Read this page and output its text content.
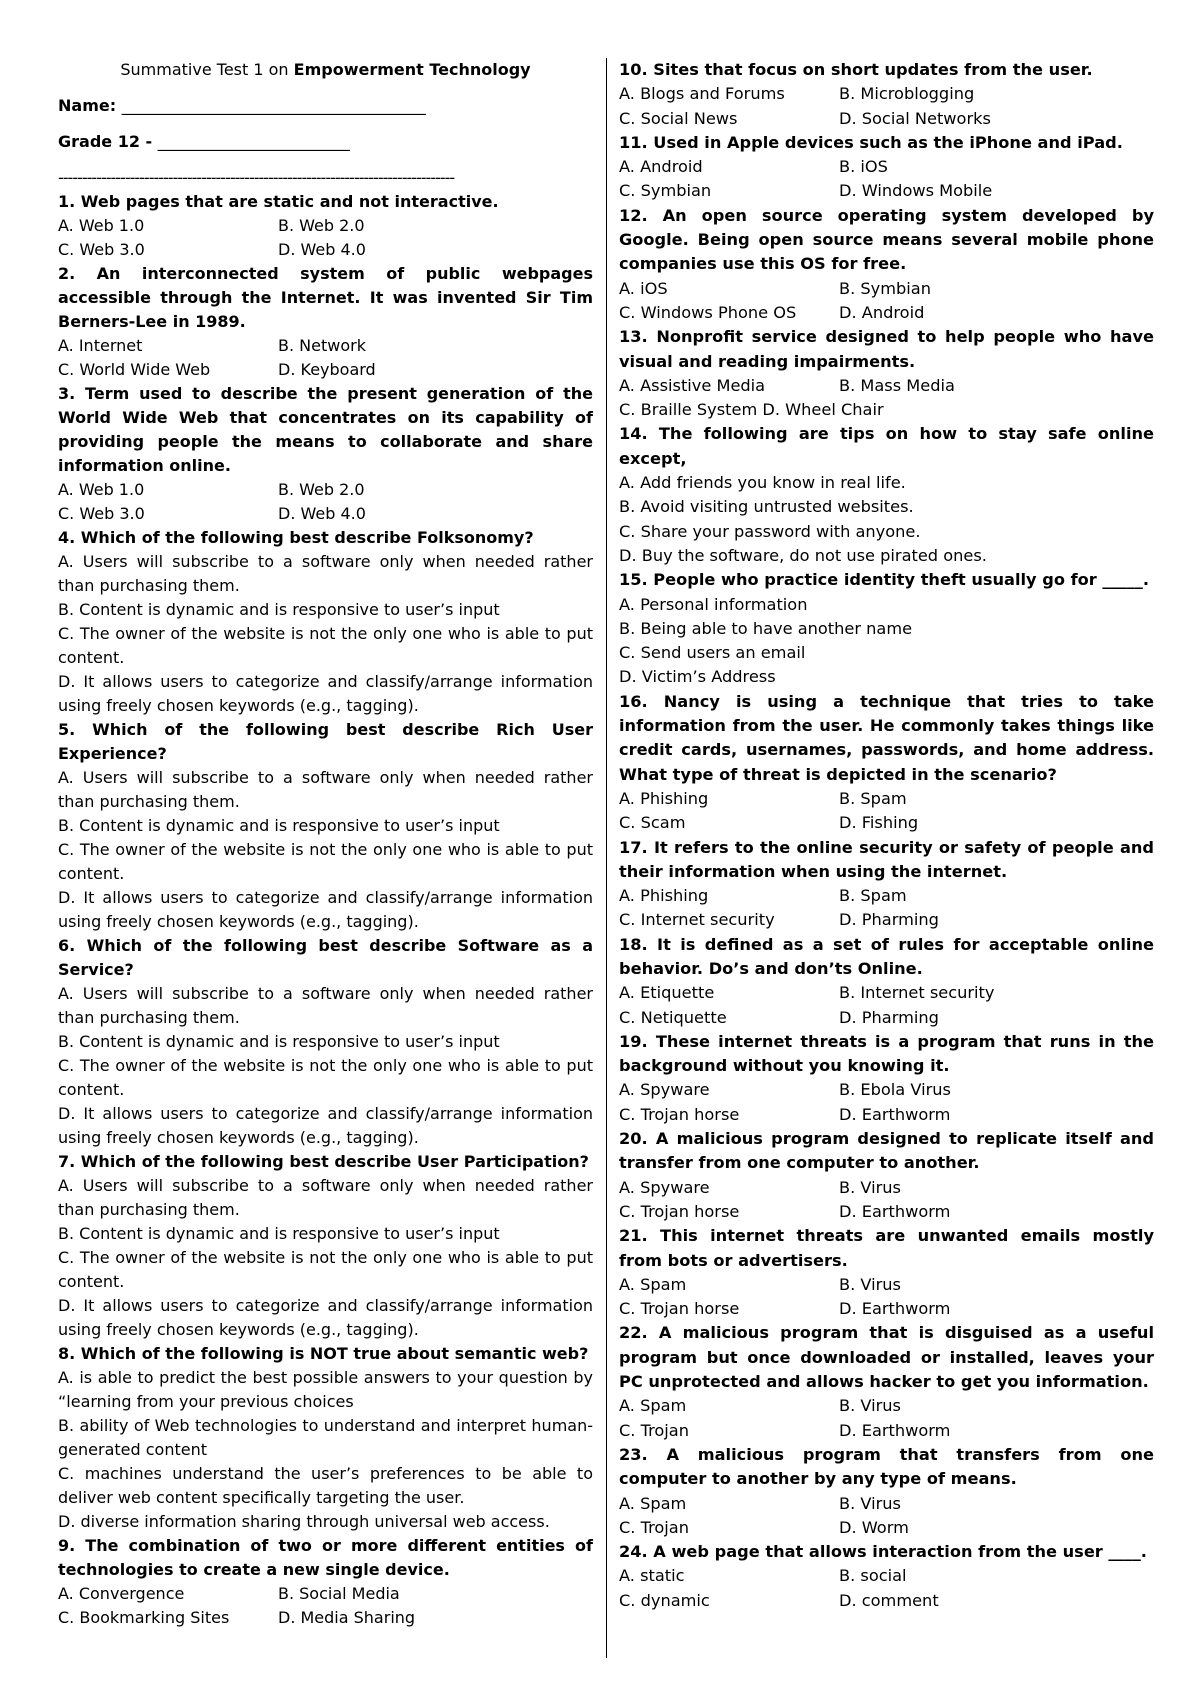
Summative Test 1 on Empowerment Technology

Name: ______________________________________

Grade 12 - ________________________

-----------------------------------------------------------------------------------

1. Web pages that are static and not interactive.

A. Web 1.0	B. Web 2.0
C. Web 3.0	D. Web 4.0

2. An interconnected system of public webpages accessible through the Internet. It was invented Sir Tim Berners-Lee in 1989.

A. Internet	B. Network
C. World Wide Web	D. Keyboard

3. Term used to describe the present generation of the World Wide Web that concentrates on its capability of providing people the means to collaborate and share information online.

A. Web 1.0	B. Web 2.0
C. Web 3.0	D. Web 4.0

4. Which of the following best describe Folksonomy?

A. Users will subscribe to a software only when needed rather than purchasing them.

B. Content is dynamic and is responsive to user’s input

C. The owner of the website is not the only one who is able to put content.

D. It allows users to categorize and classify/arrange information using freely chosen keywords (e.g., tagging).

5. Which of the following best describe Rich User Experience?

A. Users will subscribe to a software only when needed rather than purchasing them.

B. Content is dynamic and is responsive to user’s input

C. The owner of the website is not the only one who is able to put content.

D. It allows users to categorize and classify/arrange information using freely chosen keywords (e.g., tagging).

6. Which of the following best describe Software as a Service?

A. Users will subscribe to a software only when needed rather than purchasing them.

B. Content is dynamic and is responsive to user’s input

C. The owner of the website is not the only one who is able to put content.

D. It allows users to categorize and classify/arrange information using freely chosen keywords (e.g., tagging).

7. Which of the following best describe User Participation?

A. Users will subscribe to a software only when needed rather than purchasing them.

B. Content is dynamic and is responsive to user’s input

C. The owner of the website is not the only one who is able to put content.

D. It allows users to categorize and classify/arrange information using freely chosen keywords (e.g., tagging).

8. Which of the following is NOT true about semantic web?

A. is able to predict the best possible answers to your question by “learning from your previous choices

B. ability of Web technologies to understand and interpret human-generated content

C. machines understand the user’s preferences to be able to deliver web content specifically targeting the user.

D. diverse information sharing through universal web access.

9. The combination of two or more different entities of technologies to create a new single device.

A. Convergence	B. Social Media
C. Bookmarking Sites	D. Media Sharing

10. Sites that focus on short updates from the user.

A. Blogs and Forums	B. Microblogging
C. Social News	D. Social Networks

11. Used in Apple devices such as the iPhone and iPad.

A. Android	B. iOS
C. Symbian	D. Windows Mobile

12. An open source operating system developed by Google. Being open source means several mobile phone companies use this OS for free.

A. iOS	B. Symbian
C. Windows Phone OS	D. Android

13. Nonprofit service designed to help people who have visual and reading impairments.

A. Assistive Media	B. Mass Media
C. Braille System D. Wheel Chair

14. The following are tips on how to stay safe online except,

A. Add friends you know in real life.

B. Avoid visiting untrusted websites.

C. Share your password with anyone.

D. Buy the software, do not use pirated ones.

15. People who practice identity theft usually go for _____.

A. Personal information

B. Being able to have another name

C. Send users an email

D. Victim’s Address

16. Nancy is using a technique that tries to take information from the user. He commonly takes things like credit cards, usernames, passwords, and home address. What type of threat is depicted in the scenario?

A. Phishing	B. Spam
C. Scam	D. Fishing

17. It refers to the online security or safety of people and their information when using the internet.

A. Phishing	B. Spam
C. Internet security	D. Pharming

18. It is defined as a set of rules for acceptable online behavior. Do’s and don’ts Online.

A. Etiquette	B. Internet security
C. Netiquette	D. Pharming

19. These internet threats is a program that runs in the background without you knowing it.

A. Spyware	B. Ebola Virus
C. Trojan horse	D. Earthworm

20. A malicious program designed to replicate itself and transfer from one computer to another.

A. Spyware	B. Virus
C. Trojan horse	D. Earthworm

21. This internet threats are unwanted emails mostly from bots or advertisers.

A. Spam	B. Virus
C. Trojan horse	D. Earthworm

22. A malicious program that is disguised as a useful program but once downloaded or installed, leaves your PC unprotected and allows hacker to get you information.

A. Spam	B. Virus
C. Trojan	D. Earthworm

23. A malicious program that transfers from one computer to another by any type of means.

A. Spam	B. Virus
C. Trojan	D. Worm

24. A web page that allows interaction from the user ____.

A. static	B. social
C. dynamic	D. comment
